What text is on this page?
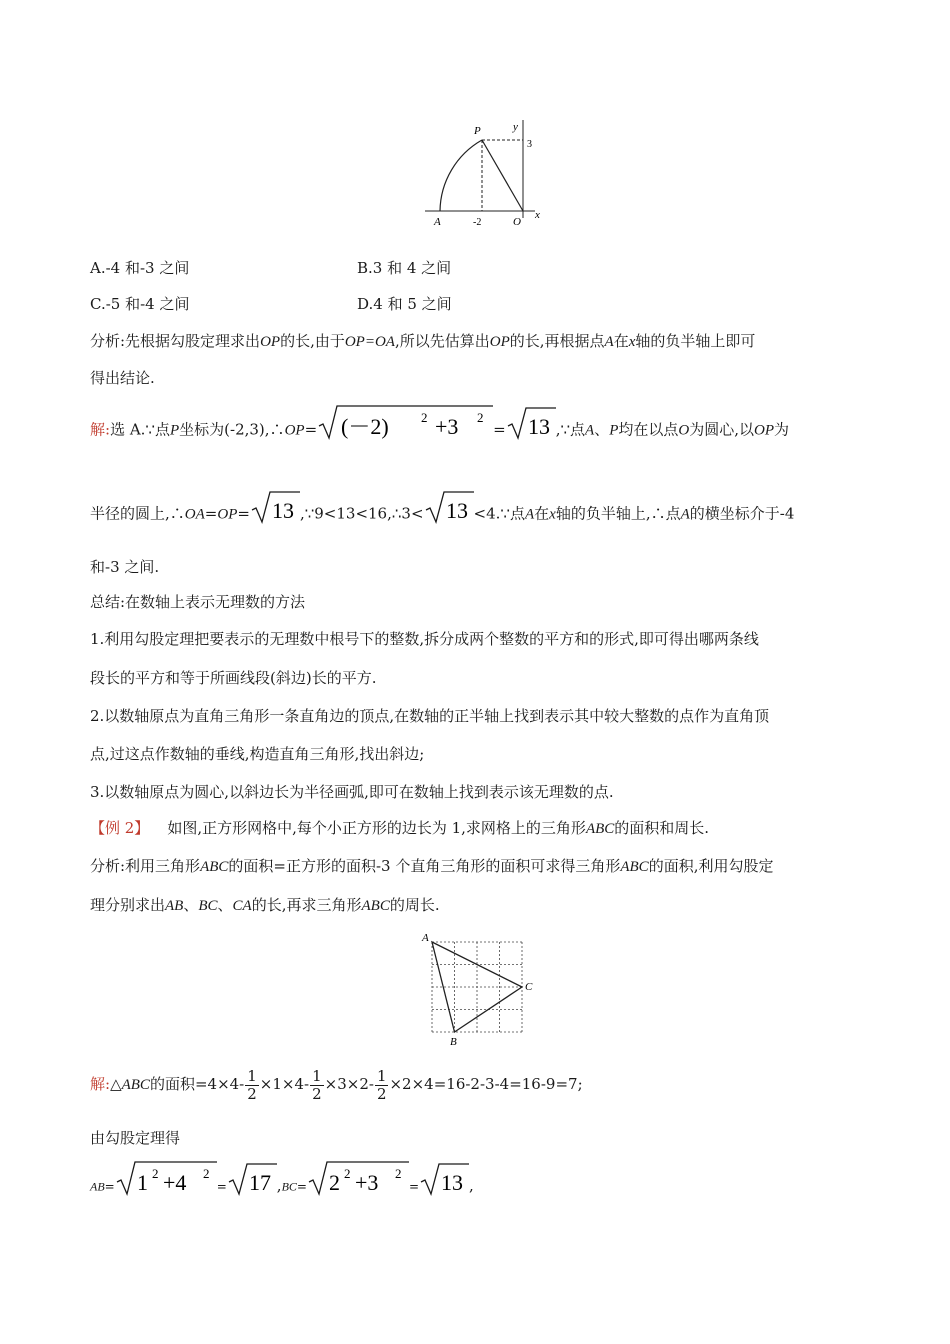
P	y
3
A	-2	O
x
A.-4 和-3 之间	B.3 和 4 之间
C.-5 和-4 之间	D.4 和 5 之间
分析:先根据勾股定理求出OP的长,由于OP=OA,所以先估算出OP的长,再根据点A在x轴的负半轴上即可
得出结论.
解:选 A.∵点P坐标为(-2,3),∴OP= (－2) 2 +3 2
= 13 ,∵点A、P均在以点O为圆心,以OP为
半径的圆上,∴OA=OP= 13 ,∵9<13<16,∴3< 13 <4.∵点A在x轴的负半轴上,∴点A的横坐标介于-4
和-3 之间.
总结:在数轴上表示无理数的方法
1.利用勾股定理把要表示的无理数中根号下的整数,拆分成两个整数的平方和的形式,即可得出哪两条线
段长的平方和等于所画线段(斜边)长的平方.
2.以数轴原点为直角三角形一条直角边的顶点,在数轴的正半轴上找到表示其中较大整数的点作为直角顶
点,过这点作数轴的垂线,构造直角三角形,找出斜边;
3.以数轴原点为圆心,以斜边长为半径画弧,即可在数轴上找到表示该无理数的点.
【例 2】 如图,正方形网格中,每个小正方形的边长为 1,求网格上的三角形ABC的面积和周长.
分析:利用三角形ABC的面积=正方形的面积-3 个直角三角形的面积可求得三角形ABC的面积,利用勾股定
理分别求出AB、BC、CA的长,再求三角形ABC的周长.
A
B
C
解:△ABC的面积$=4\times 4- \frac{1}{2} \times 1\times 4- \frac{1}{2} \times 3\times 2- \frac{1}{2} \times 2\times 4=16-2-3-4=16-9=7$;
由勾股定理得
AB= 1 2 +4 2
= 17 ,BC= 2 2 +3 2
= 13 ,
